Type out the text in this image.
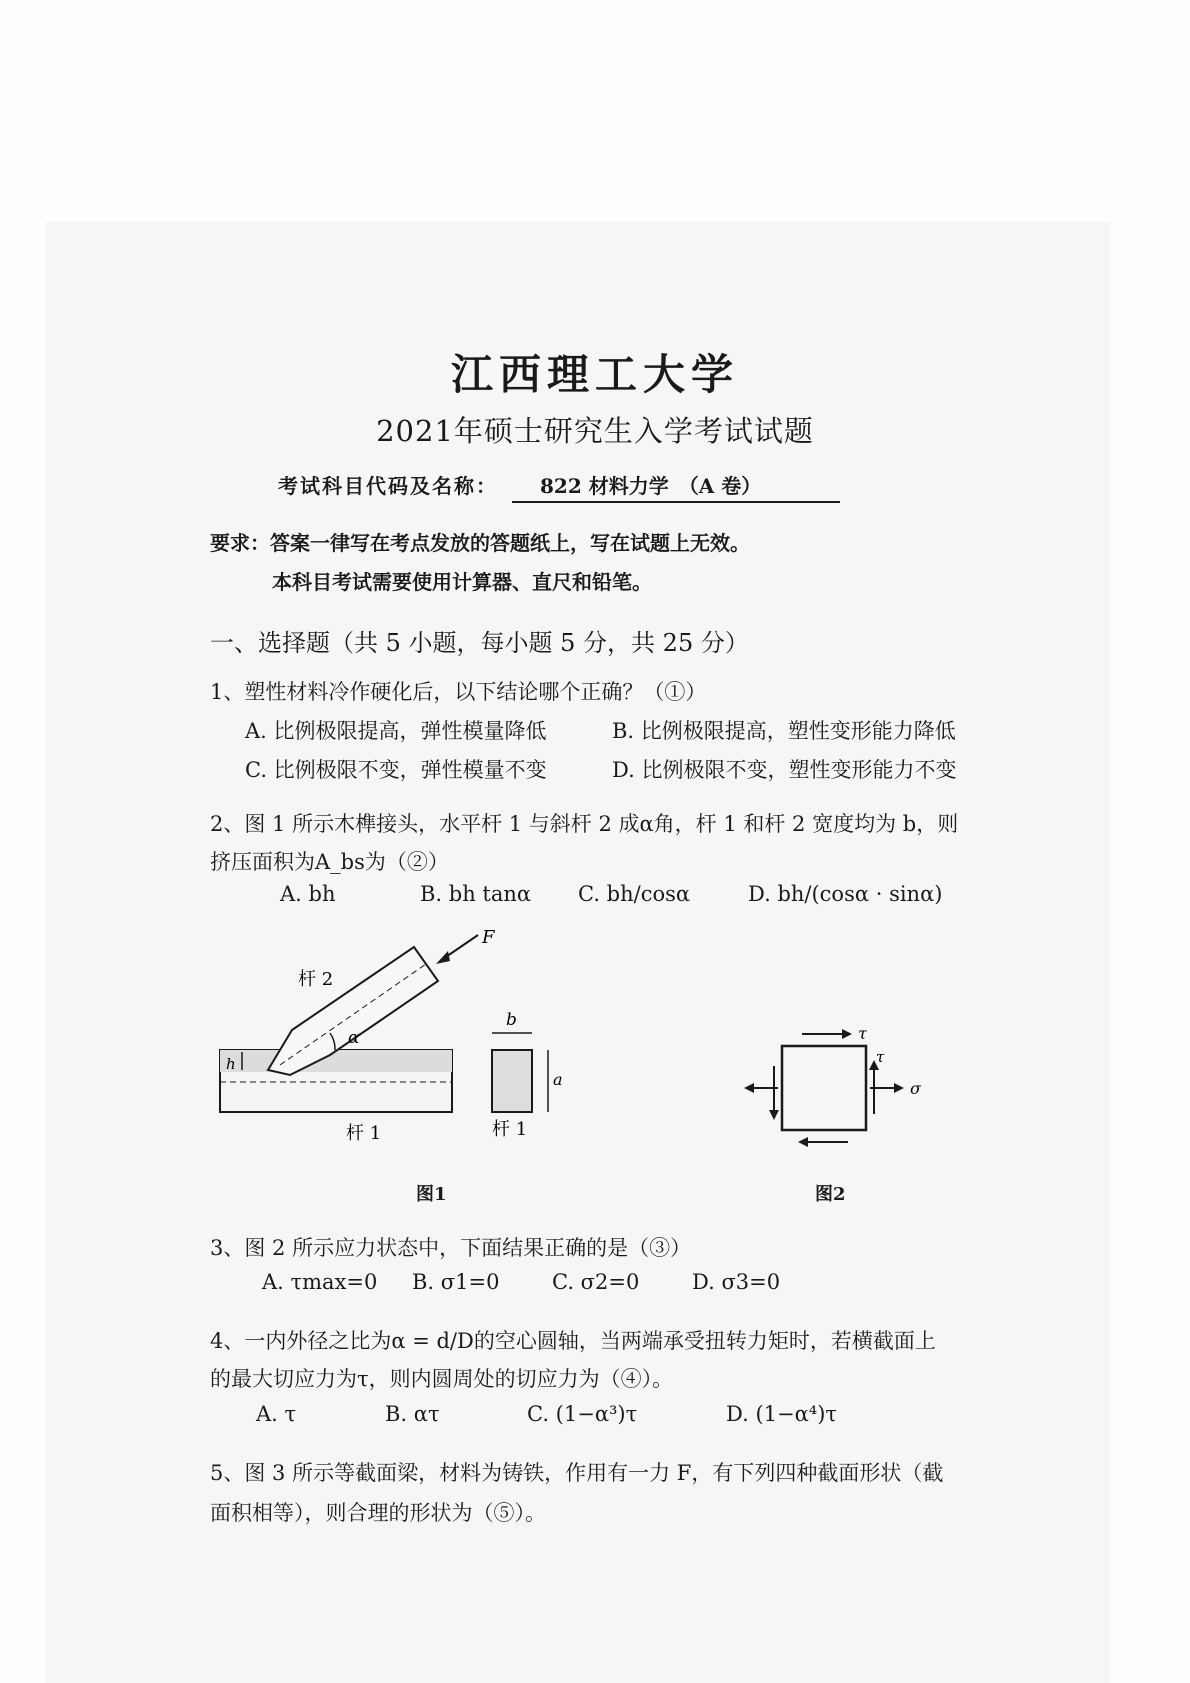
江西理工大学
2021年硕士研究生入学考试试题
考试科目代码及名称： 822 材料力学　（A 卷）
要求：答案一律写在考点发放的答题纸上，写在试题上无效。
本科目考试需要使用计算器、直尺和铅笔。
一、选择题（共 5 小题，每小题 5 分，共 25 分）
1、塑性材料冷作硬化后，以下结论哪个正确？（①）
A. 比例极限提高，弹性模量降低	B. 比例极限提高，塑性变形能力降低
C. 比例极限不变，弹性模量不变	D. 比例极限不变，塑性变形能力不变
2、图 1 所示木榫接头，水平杆 1 与斜杆 2 成α角，杆 1 和杆 2 宽度均为 b，则
挤压面积为A_bs为（②）
A. bh	B. bh tanα C. bh/cosα	D. bh/(cosα · sinα)
F
α
h
杆 2
杆 1
b
a
杆 1
图1
τ
τ
σ
图2
3、图 2 所示应力状态中，下面结果正确的是（③）
A. τmax=0 B. σ1=0	C. σ2=0	D. σ3=0
4、一内外径之比为α = d/D的空心圆轴，当两端承受扭转力矩时，若横截面上
的最大切应力为τ，则内圆周处的切应力为（④）。
A. τ	B. ατ	C. (1−α³)τ	D. (1−α⁴)τ
5、图 3 所示等截面梁，材料为铸铁，作用有一力 F，有下列四种截面形状（截
面积相等），则合理的形状为（⑤）。
